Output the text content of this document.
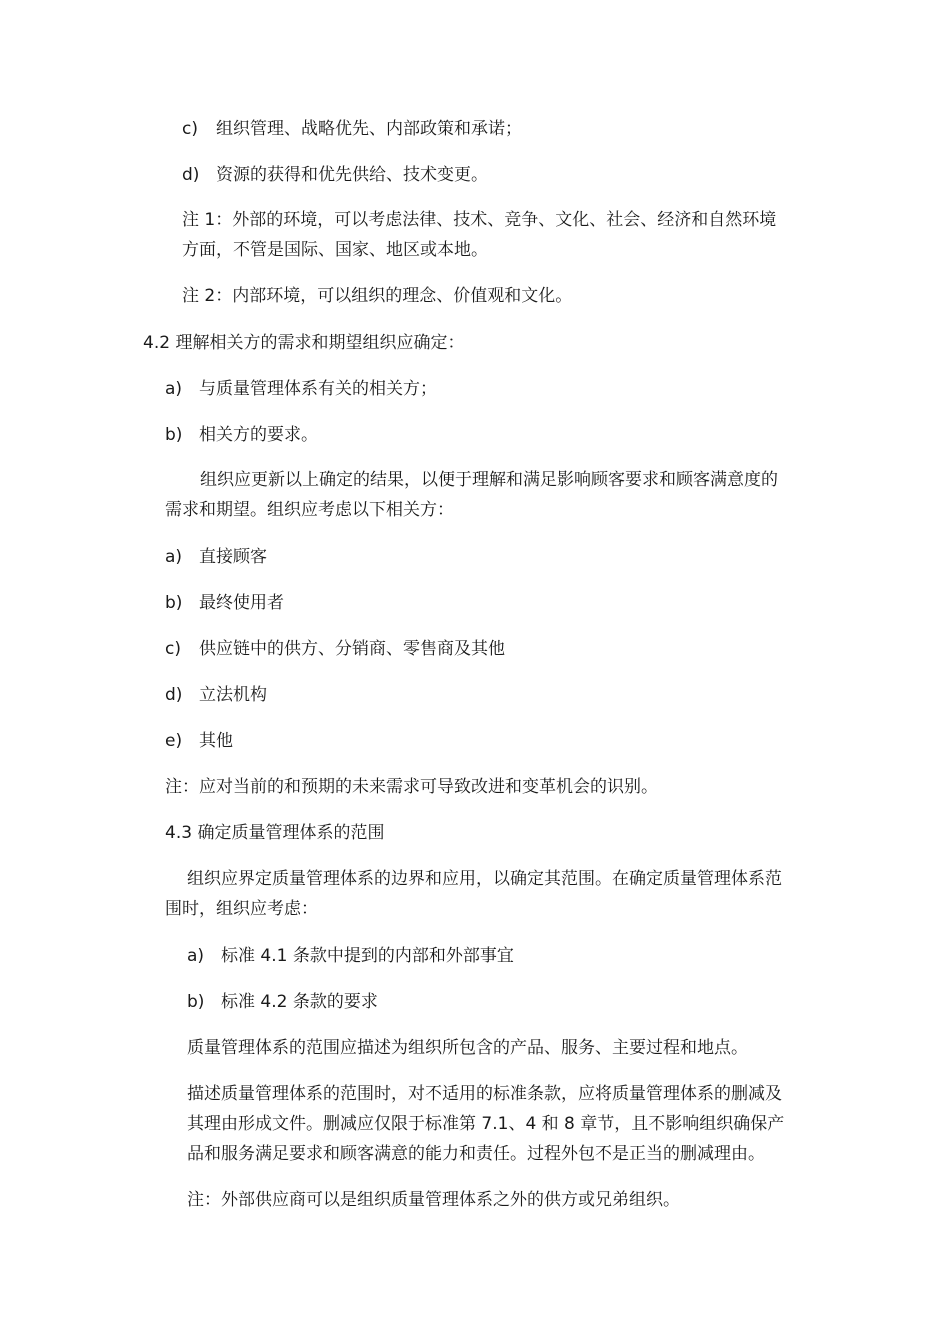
c) 组织管理、战略优先、内部政策和承诺；
d) 资源的获得和优先供给、技术变更。
注 1：外部的环境，可以考虑法律、技术、竞争、文化、社会、经济和自然环境
方面，不管是国际、国家、地区或本地。
注 2：内部环境，可以组织的理念、价值观和文化。
4.2 理解相关方的需求和期望组织应确定：
a) 与质量管理体系有关的相关方；
b) 相关方的要求。
组织应更新以上确定的结果，以便于理解和满足影响顾客要求和顾客满意度的
需求和期望。组织应考虑以下相关方：
a) 直接顾客
b) 最终使用者
c) 供应链中的供方、分销商、零售商及其他
d) 立法机构
e) 其他
注：应对当前的和预期的未来需求可导致改进和变革机会的识别。
4.3 确定质量管理体系的范围
组织应界定质量管理体系的边界和应用，以确定其范围。在确定质量管理体系范
围时，组织应考虑：
a) 标准 4.1 条款中提到的内部和外部事宜
b) 标准 4.2 条款的要求
质量管理体系的范围应描述为组织所包含的产品、服务、主要过程和地点。
描述质量管理体系的范围时，对不适用的标准条款，应将质量管理体系的删减及
其理由形成文件。删减应仅限于标准第 7.1、4 和 8 章节，且不影响组织确保产
品和服务满足要求和顾客满意的能力和责任。过程外包不是正当的删减理由。
注：外部供应商可以是组织质量管理体系之外的供方或兄弟组织。
